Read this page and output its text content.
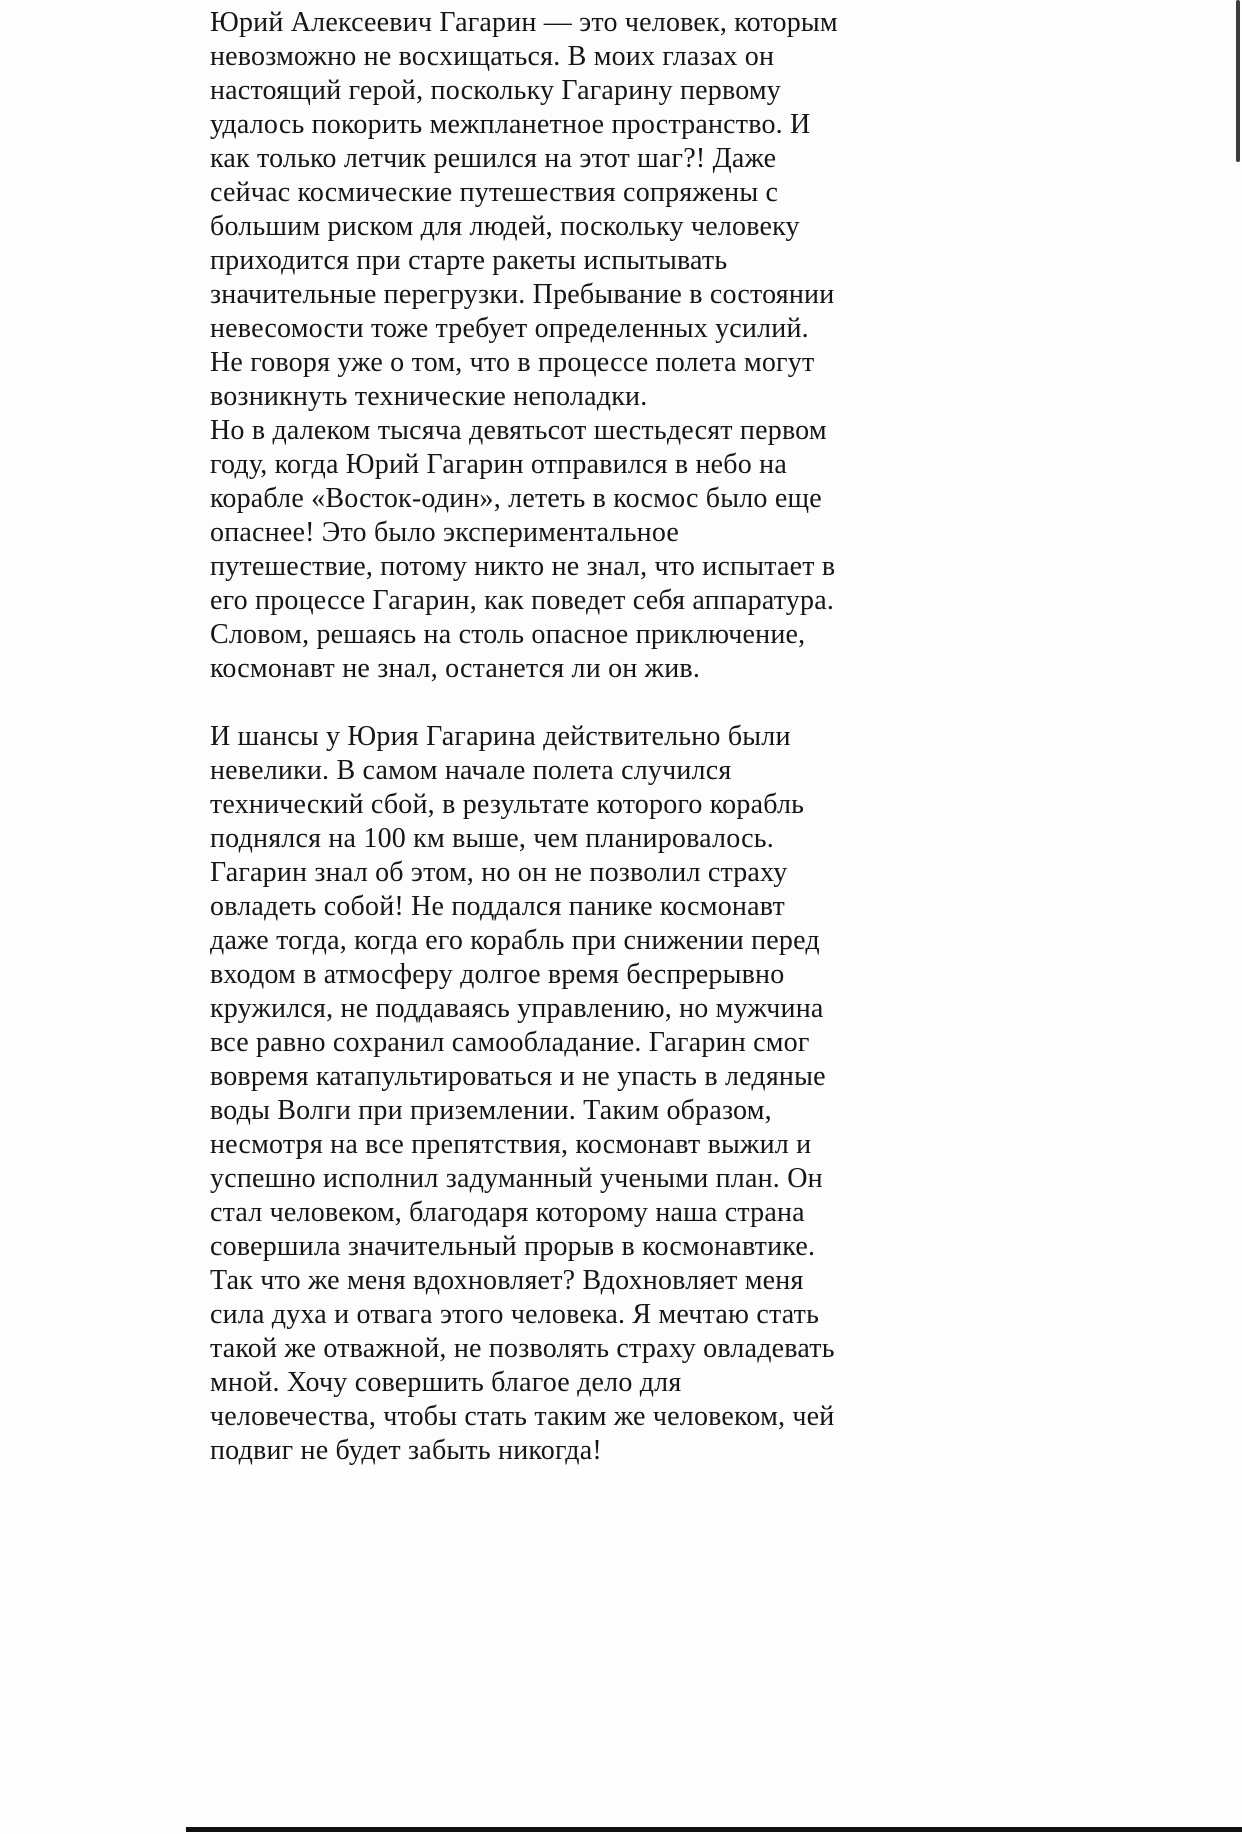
Юрий Алексеевич Гагарин — это человек, которым невозможно не восхищаться. В моих глазах он настоящий герой, поскольку Гагарину первому удалось покорить межпланетное пространство. И как только летчик решился на этот шаг?! Даже сейчас космические путешествия сопряжены с большим риском для людей, поскольку человеку приходится при старте ракеты испытывать значительные перегрузки. Пребывание в состоянии невесомости тоже требует определенных усилий. Не говоря уже о том, что в процессе полета могут возникнуть технические неполадки.

Но в далеком тысяча девятьсот шестьдесят первом году, когда Юрий Гагарин отправился в небо на корабле «Восток-один», лететь в космос было еще опаснее! Это было экспериментальное путешествие, потому никто не знал, что испытает в его процессе Гагарин, как поведет себя аппаратура. Словом, решаясь на столь опасное приключение, космонавт не знал, останется ли он жив.

И шансы у Юрия Гагарина действительно были невелики. В самом начале полета случился технический сбой, в результате которого корабль поднялся на 100 км выше, чем планировалось. Гагарин знал об этом, но он не позволил страху овладеть собой! Не поддался панике космонавт даже тогда, когда его корабль при снижении перед входом в атмосферу долгое время беспрерывно кружился, не поддаваясь управлению, но мужчина все равно сохранил самообладание. Гагарин смог вовремя катапультироваться и не упасть в ледяные воды Волги при приземлении. Таким образом, несмотря на все препятствия, космонавт выжил и успешно исполнил задуманный учеными план. Он стал человеком, благодаря которому наша страна совершила значительный прорыв в космонавтике.

Так что же меня вдохновляет? Вдохновляет меня сила духа и отвага этого человека. Я мечтаю стать такой же отважной, не позволять страху овладевать мной. Хочу совершить благое дело для человечества, чтобы стать таким же человеком, чей подвиг не будет забыть никогда!
